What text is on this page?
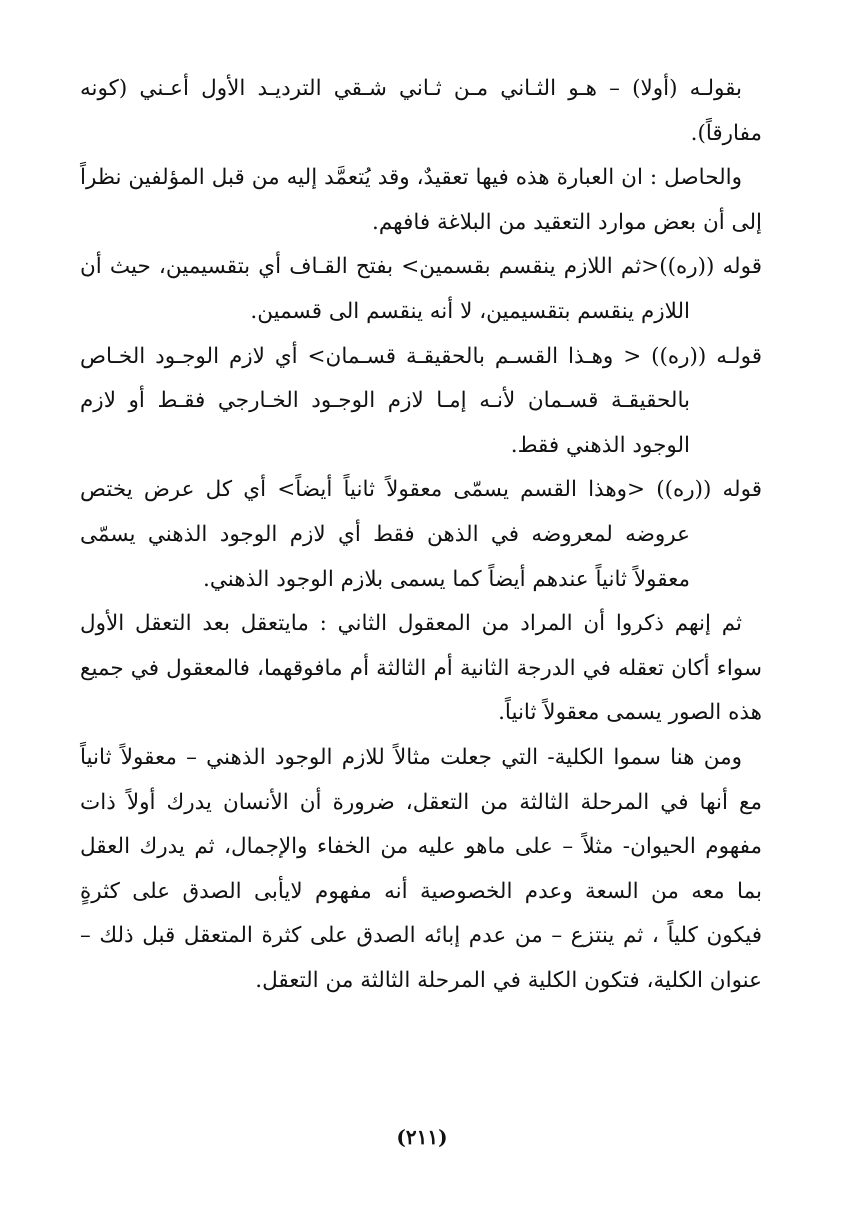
بقولـه (أولا) – هـو الثـاني مـن ثـاني شـقي الترديـد الأول أعـني (كونه مفارقاً).

والحاصل : ان العبارة هذه فيها تعقيدٌ، وقد يُتعمَّد إليه من قبل المؤلفين نظراً إلى أن بعض موارد التعقيد من البلاغة فافهم.

قوله ((ره))<ثم اللازم ينقسم بقسمين> بفتح القـاف أي بتقسيمين، حيث أن اللازم ينقسم بتقسيمين، لا أنه ينقسم الى قسمين.

قولـه ((ره)) < وهـذا القسـم بالحقيقـة قسـمان> أي لازم الوجـود الخـاص بالحقيقـة قسـمان لأنـه إمـا لازم الوجـود الخـارجي فقـط أو لازم الوجود الذهني فقط.

قوله ((ره)) <وهذا القسم يسمّى معقولاً ثانياً أيضاً> أي كل عرض يختص عروضه لمعروضه في الذهن فقط أي لازم الوجود الذهني يسمّى معقولاً ثانياً عندهم أيضاً كما يسمى بلازم الوجود الذهني.

ثم إنهم ذكروا أن المراد من المعقول الثاني : مايتعقل بعد التعقل الأول سواء أكان تعقله في الدرجة الثانية أم الثالثة أم مافوقهما، فالمعقول في جميع هذه الصور يسمى معقولاً ثانياً.

ومن هنا سموا الكلية- التي جعلت مثالاً للازم الوجود الذهني – معقولاً ثانياً مع أنها في المرحلة الثالثة من التعقل، ضرورة أن الأنسان يدرك أولاً ذات مفهوم الحيوان- مثلاً – على ماهو عليه من الخفاء والإجمال، ثم يدرك العقل بما معه من السعة وعدم الخصوصية أنه مفهوم لايأبى الصدق على كثرةٍ فيكون كلياً ، ثم ينتزع – من عدم إبائه الصدق على كثرة المتعقل قبل ذلك – عنوان الكلية، فتكون الكلية في المرحلة الثالثة من التعقل.

(٢١١)
